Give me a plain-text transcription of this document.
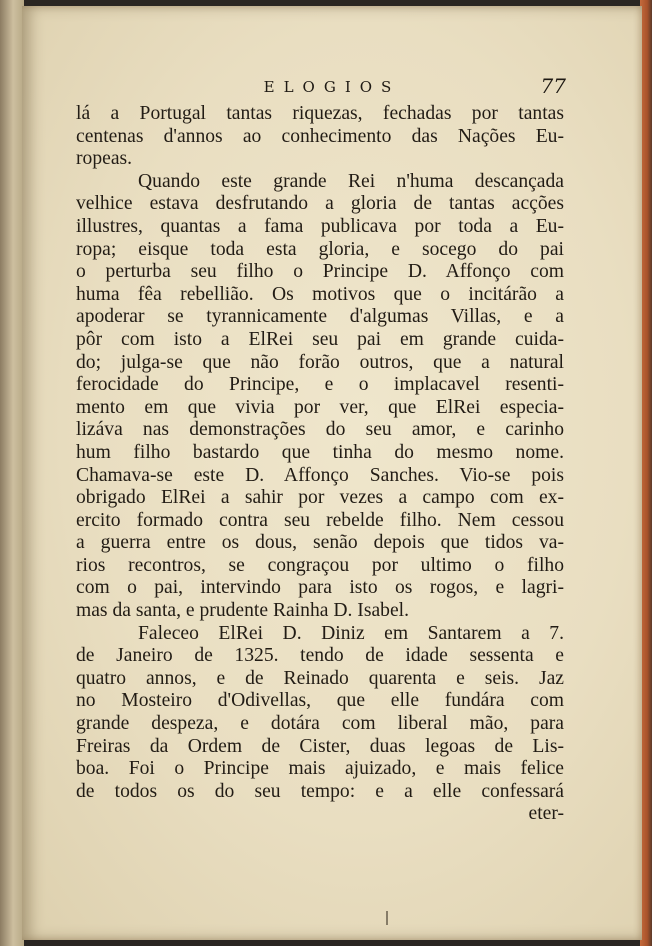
ELOGIOS	77
lá a Portugal tantas riquezas, fechadas por tantas
centenas d'annos ao conhecimento das Nações Eu-
ropeas.
Quando este grande Rei n'huma descançada
velhice estava desfrutando a gloria de tantas acções
illustres, quantas a fama publicava por toda a Eu-
ropa; eisque toda esta gloria, e socego do pai
o perturba seu filho o Principe D. Affonço com
huma fêa rebellião. Os motivos que o incitárão a
apoderar se tyrannicamente d'algumas Villas, e a
pôr com isto a ElRei seu pai em grande cuida-
do; julga-se que não forão outros, que a natural
ferocidade do Principe, e o implacavel resenti-
mento em que vivia por ver, que ElRei especia-
lizáva nas demonstrações do seu amor, e carinho
hum filho bastardo que tinha do mesmo nome.
Chamava-se este D. Affonço Sanches. Vio-se pois
obrigado ElRei a sahir por vezes a campo com ex-
ercito formado contra seu rebelde filho. Nem cessou
a guerra entre os dous, senão depois que tidos va-
rios recontros, se congraçou por ultimo o filho
com o pai, intervindo para isto os rogos, e lagri-
mas da santa, e prudente Rainha D. Isabel.
Faleceo ElRei D. Diniz em Santarem a 7.
de Janeiro de 1325. tendo de idade sessenta e
quatro annos, e de Reinado quarenta e seis. Jaz
no Mosteiro d'Odivellas, que elle fundára com
grande despeza, e dotára com liberal mão, para
Freiras da Ordem de Cister, duas legoas de Lis-
boa. Foi o Principe mais ajuizado, e mais felice
de todos os do seu tempo: e a elle confessará
eter-
